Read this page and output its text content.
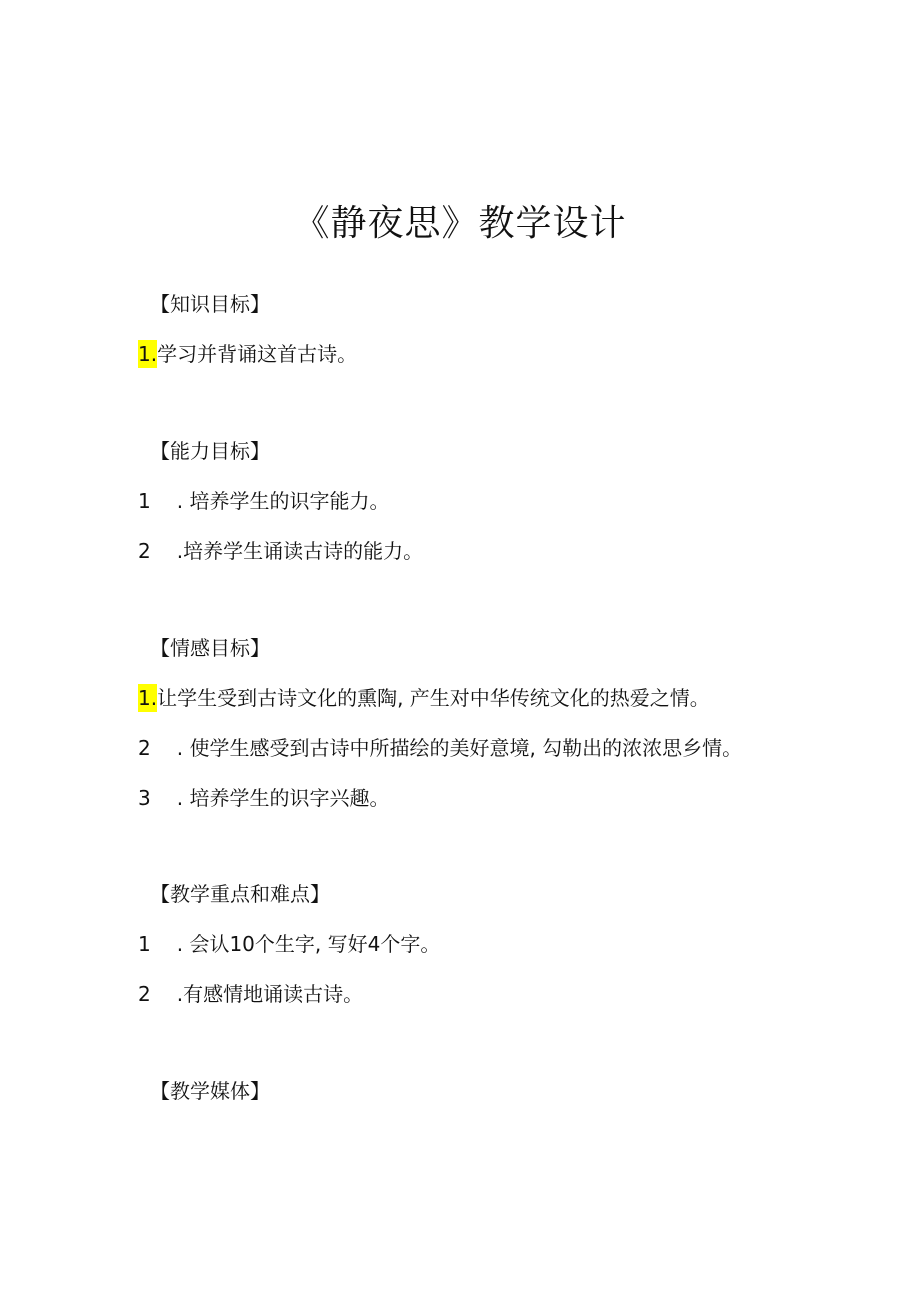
《静夜思》教学设计
【知识目标】
1.学习并背诵这首古诗。
【能力目标】
1 . 培养学生的识字能力。
2 .培养学生诵读古诗的能力。
【情感目标】
1.让学生受到古诗文化的熏陶, 产生对中华传统文化的热爱之情。
2 . 使学生感受到古诗中所描绘的美好意境, 勾勒出的浓浓思乡情。
3 . 培养学生的识字兴趣。
【教学重点和难点】
1 . 会认10个生字, 写好4个字。
2 .有感情地诵读古诗。
【教学媒体】
